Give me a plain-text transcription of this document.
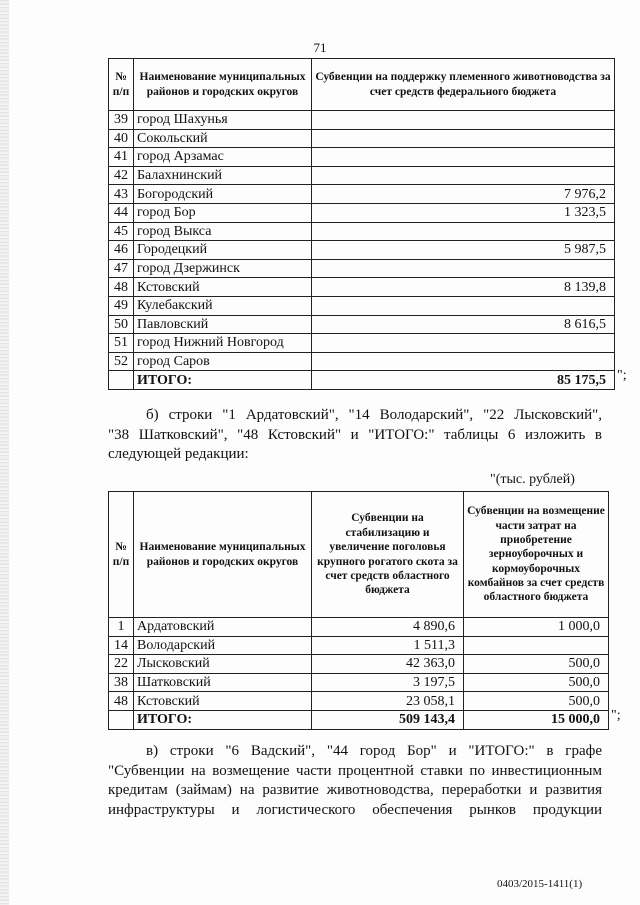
71
№ п/п	Наименование муниципальных районов и городских округов	Субвенции на поддержку племенного животноводства за счет средств федерального бюджета
39	город Шахунья	
40	Сокольский	
41	город Арзамас	
42	Балахнинский	
43	Богородский	7 976,2
44	город Бор	1 323,5
45	город Выкса	
46	Городецкий	5 987,5
47	город Дзержинск	
48	Кстовский	8 139,8
49	Кулебакский	
50	Павловский	8 616,5
51	город Нижний Новгород	
52	город Саров	
	ИТОГО:	85 175,5 ";
б) строки "1 Ардатовский", "14 Володарский", "22 Лысковский",
"38 Шатковский", "48 Кстовский" и "ИТОГО:" таблицы 6 изложить в
следующей редакции:
"(тыс. рублей)
№ п/п	Наименование муниципальных районов и городских округов	Субвенции на стабилизацию и увеличение поголовья крупного рогатого скота за счет средств областного бюджета	Субвенции на возмещение части затрат на приобретение зерноуборочных и кормоуборочных комбайнов за счет средств областного бюджета
1	Ардатовский	4 890,6	1 000,0
14	Володарский	1 511,3	
22	Лысковский	42 363,0	500,0
38	Шатковский	3 197,5	500,0
48	Кстовский	23 058,1	500,0
	ИТОГО:	509 143,4	15 000,0 ";
в) строки "6 Вадский", "44 город Бор" и "ИТОГО:" в графе
"Субвенции на возмещение части процентной ставки по инвестиционным
кредитам (займам) на развитие животноводства, переработки и развития
инфраструктуры и логистического обеспечения рынков продукции
0403/2015-1411(1)
